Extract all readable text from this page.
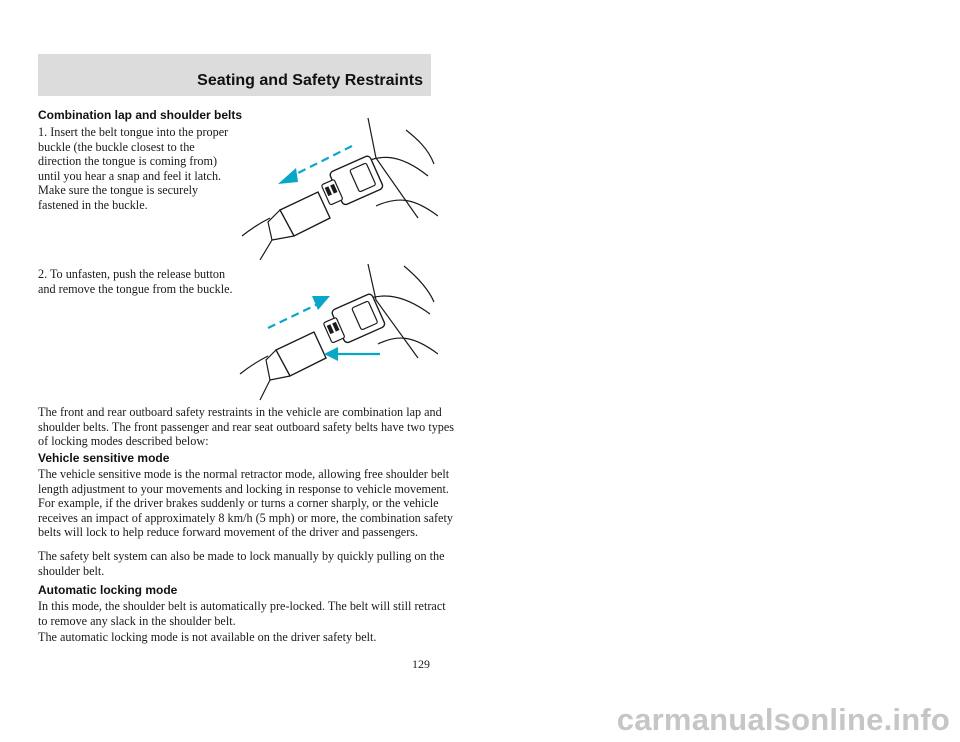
Seating and Safety Restraints
Combination lap and shoulder belts

1. Insert the belt tongue into the proper buckle (the buckle closest to the direction the tongue is coming from) until you hear a snap and feel it latch. Make sure the tongue is securely fastened in the buckle.

2. To unfasten, push the release button and remove the tongue from the buckle.

The front and rear outboard safety restraints in the vehicle are combination lap and shoulder belts. The front passenger and rear seat outboard safety belts have two types of locking modes described below:

Vehicle sensitive mode

The vehicle sensitive mode is the normal retractor mode, allowing free shoulder belt length adjustment to your movements and locking in response to vehicle movement. For example, if the driver brakes suddenly or turns a corner sharply, or the vehicle receives an impact of approximately 8 km/h (5 mph) or more, the combination safety belts will lock to help reduce forward movement of the driver and passengers.

The safety belt system can also be made to lock manually by quickly pulling on the shoulder belt.

Automatic locking mode

In this mode, the shoulder belt is automatically pre-locked. The belt will still retract to remove any slack in the shoulder belt.

The automatic locking mode is not available on the driver safety belt.

129
carmanualsonline.info
